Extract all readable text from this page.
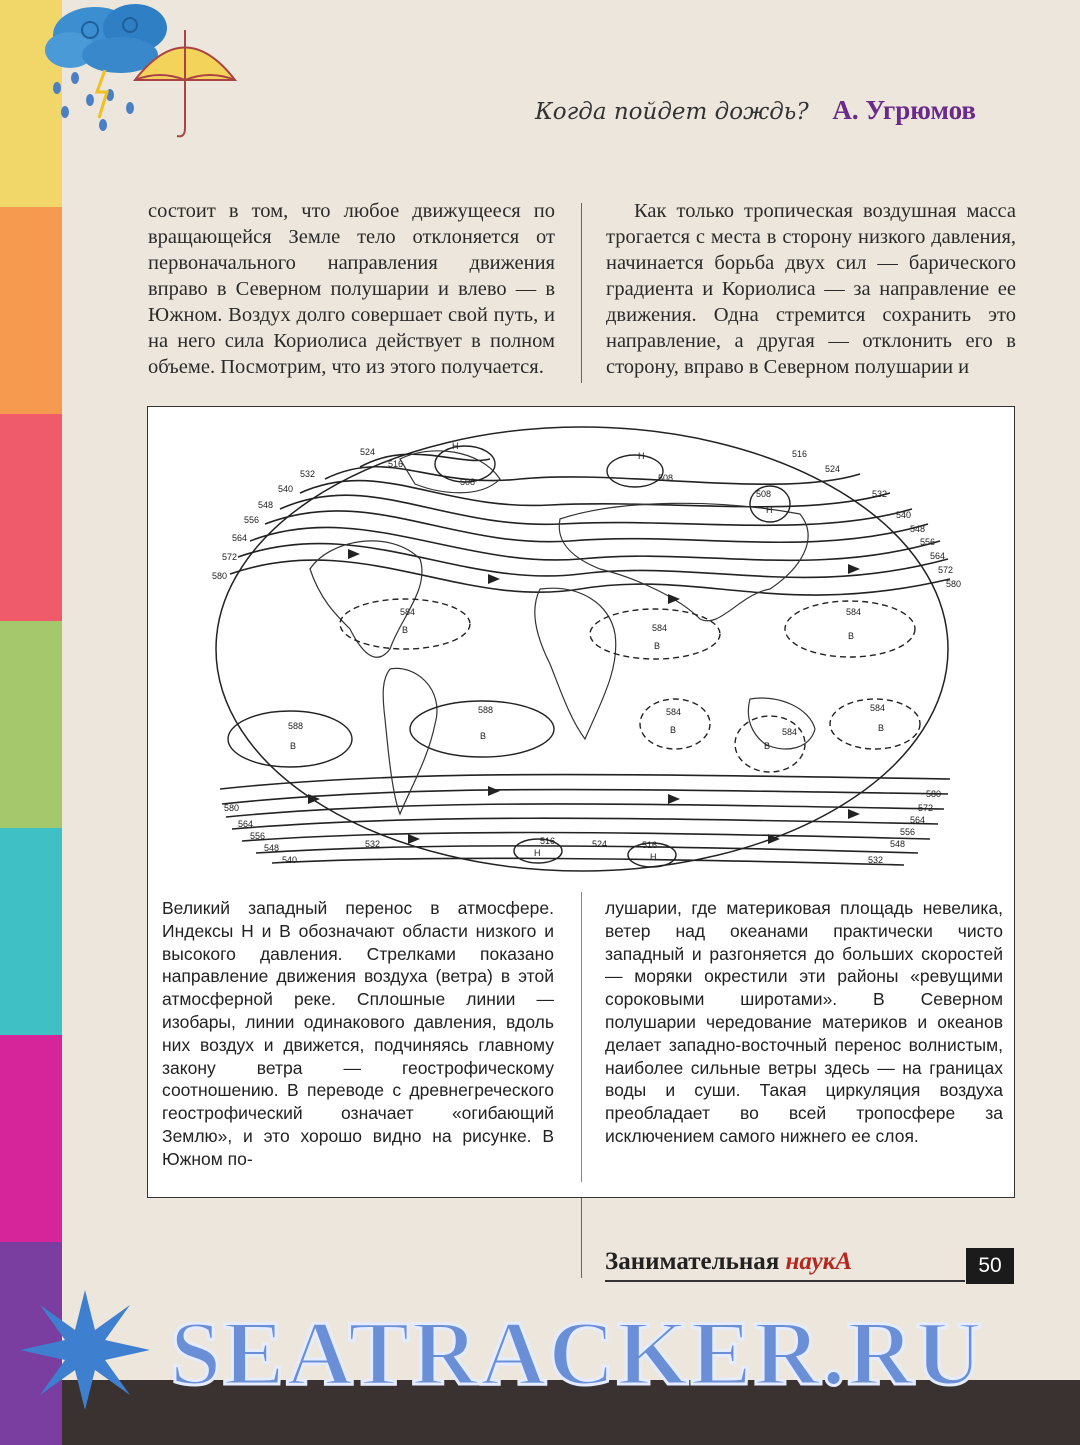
Когда пойдет дождь? А. Угрюмов

состоит в том, что любое движущееся по вращающейся Земле тело отклоняется от первоначального направления движения вправо в Северном полушарии и влево — в Южном. Воздух долго совершает свой путь, и на него сила Кориолиса действует в полном объеме. Посмотрим, что из этого получается.

Как только тропическая воздушная масса трогается с места в сторону низкого давления, начинается борьба двух сил — барического градиента и Кориолиса — за направление ее движения. Одна стремится сохранить это направление, а другая — отклонить его в сторону, вправо в Северном полушарии и

580
572
564
556
548
540
532
524	516
524
532
540
548
556
564
572
580
580
564
556
548
540
532
580
572
564
556
548
532
516
508	508
H
H
H
508
584
В	584
В
584
В
588
В
588
В
584
В	584
В
584
В
516
Н
524	516
Н
Великий западный перенос в атмосфере. Индексы Н и В обозначают области низкого и высокого давления. Стрелками показано направление движения воздуха (ветра) в этой атмосферной реке. Сплошные линии — изобары, линии одинакового давления, вдоль них воздух и движется, подчиняясь главному закону ветра — геострофическому соотношению. В переводе с древнегреческого геострофический означает «огибающий Землю», и это хорошо видно на рисунке. В Южном по-
лушарии, где материковая площадь невелика, ветер над океанами практически чисто западный и разгоняется до больших скоростей — моряки окрестили эти районы «ревущими сороковыми широтами». В Северном полушарии чередование материков и океанов делает западно-восточный перенос волнистым, наиболее сильные ветры здесь — на границах воды и суши. Такая циркуляция воздуха преобладает во всей тропосфере за исключением самого нижнего ее слоя.
Занимательная наукА	50
SEATRACKER.RU
